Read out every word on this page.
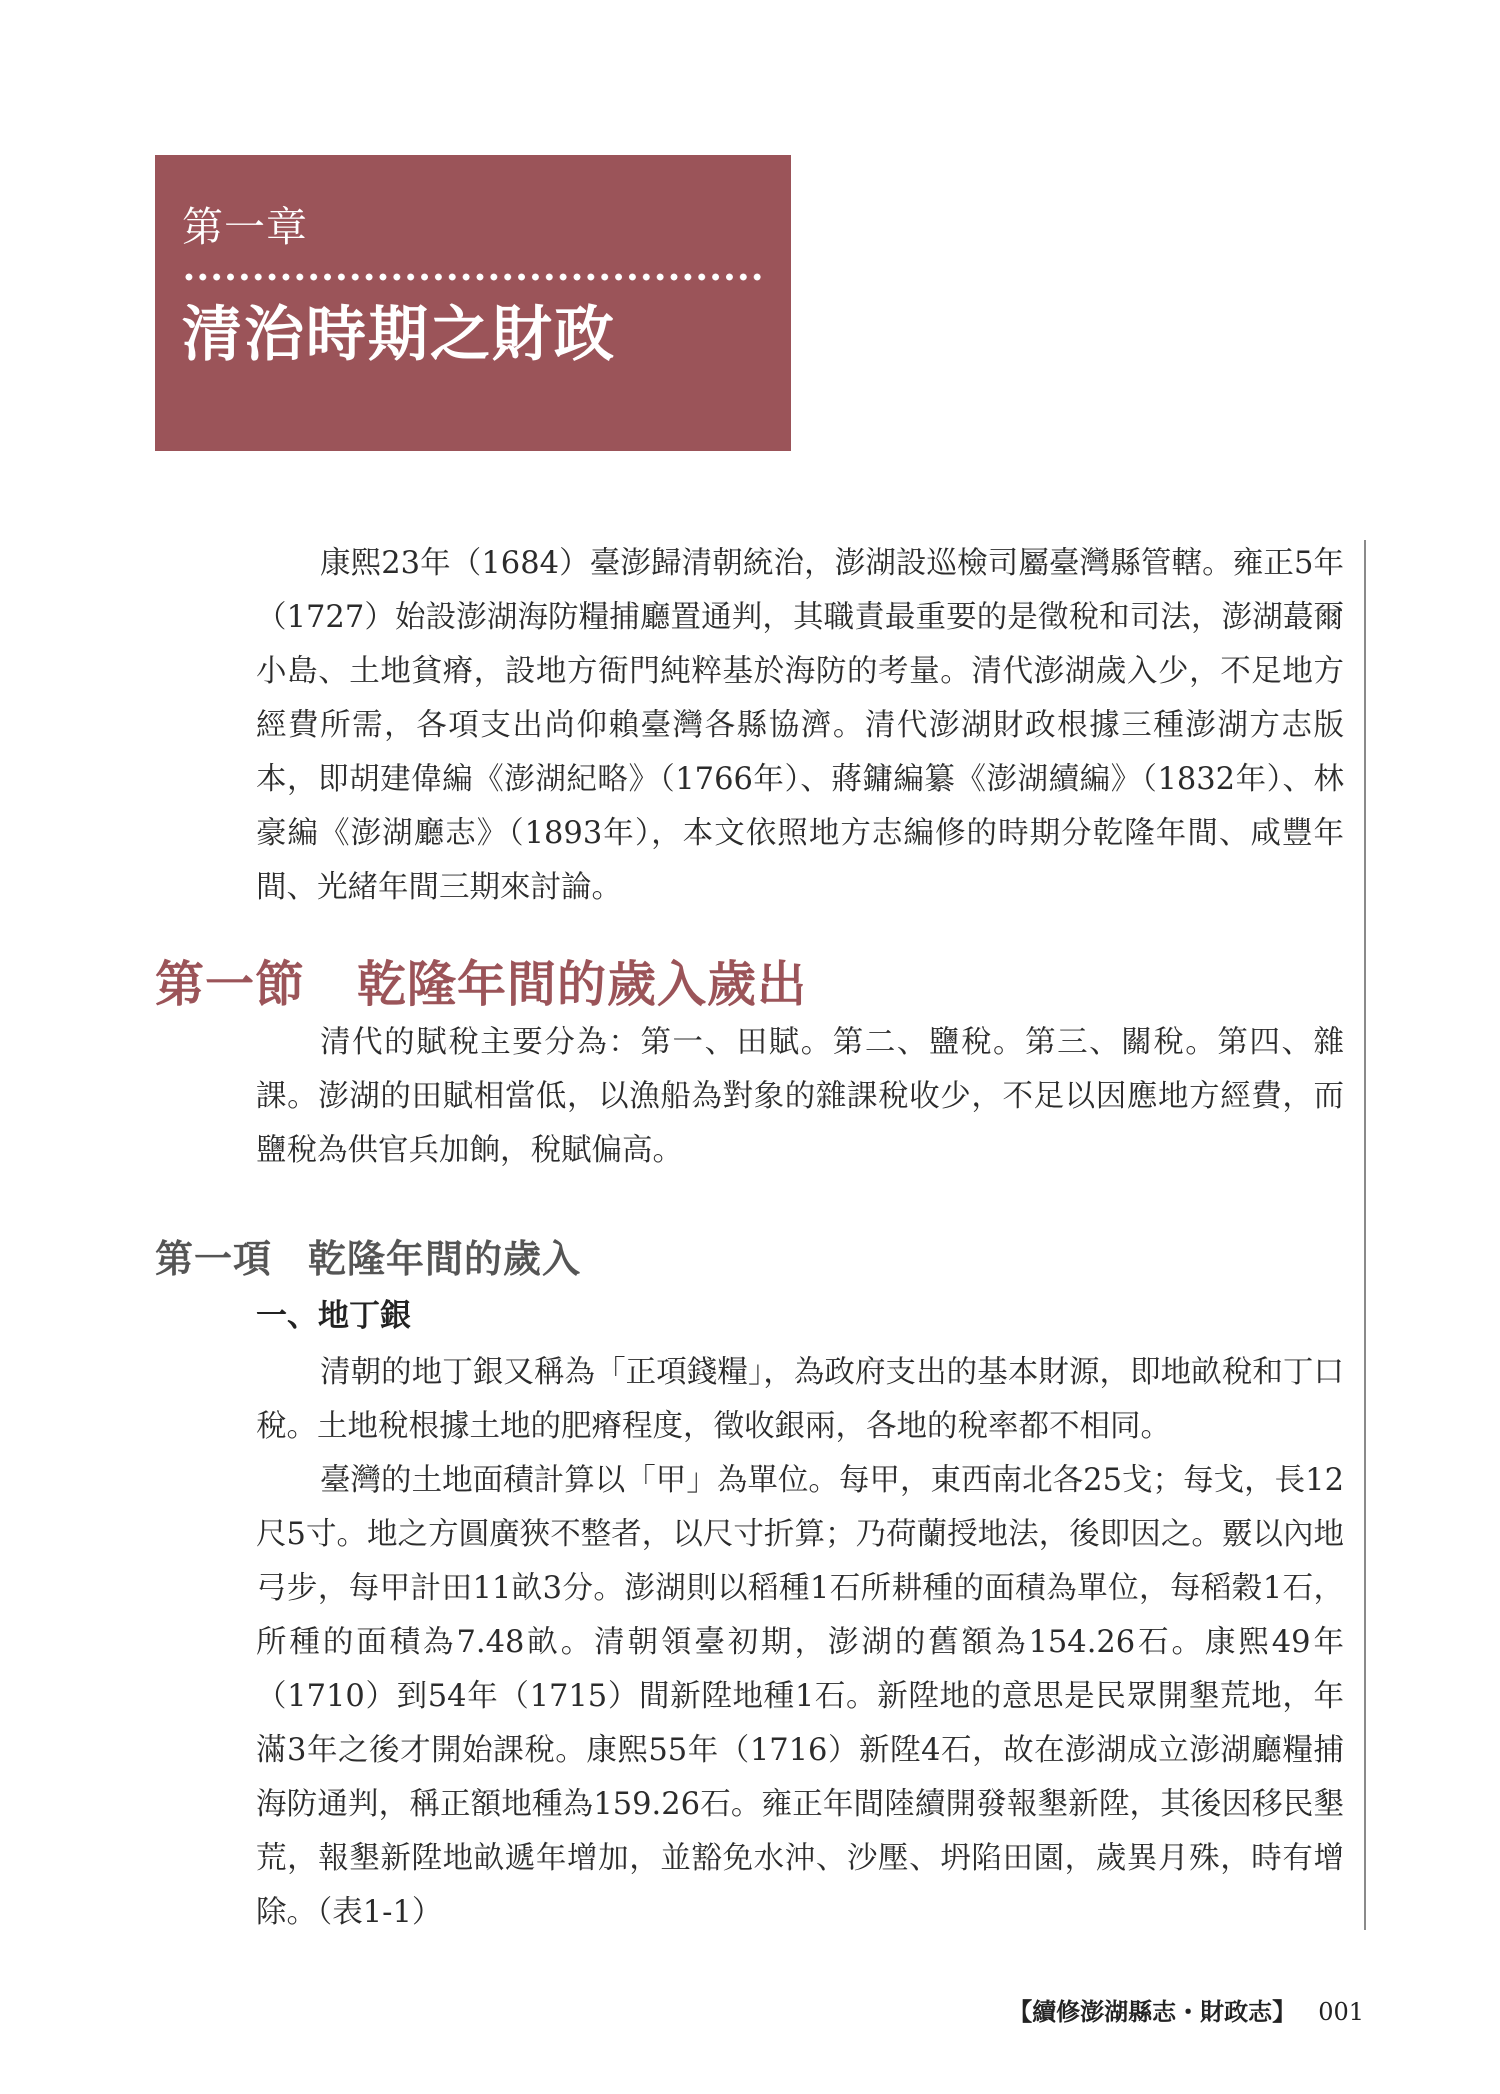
第一章
清治時期之財政

康熙23年（1684）臺澎歸清朝統治，澎湖設巡檢司屬臺灣縣管轄。雍正5年（1727）始設澎湖海防糧捕廳置通判，其職責最重要的是徵稅和司法，澎湖蕞爾小島、土地貧瘠，設地方衙門純粹基於海防的考量。清代澎湖歲入少，不足地方經費所需，各項支出尚仰賴臺灣各縣協濟。清代澎湖財政根據三種澎湖方志版本，即胡建偉編《澎湖紀略》（1766年）、蔣鏞編纂《澎湖續編》（1832年）、林豪編《澎湖廳志》（1893年），本文依照地方志編修的時期分乾隆年間、咸豐年間、光緒年間三期來討論。

第一節 乾隆年間的歲入歲出

清代的賦稅主要分為：第一、田賦。第二、鹽稅。第三、關稅。第四、雜課。澎湖的田賦相當低，以漁船為對象的雜課稅收少，不足以因應地方經費，而鹽稅為供官兵加餉，稅賦偏高。

第一項 乾隆年間的歲入
一、地丁銀

清朝的地丁銀又稱為「正項錢糧」，為政府支出的基本財源，即地畝稅和丁口稅。土地稅根據土地的肥瘠程度，徵收銀兩，各地的稅率都不相同。

臺灣的土地面積計算以「甲」為單位。每甲，東西南北各25戈；每戈，長12尺5寸。地之方圓廣狹不整者，以尺寸折算；乃荷蘭授地法，後即因之。覈以內地弓步，每甲計田11畝3分。澎湖則以稻種1石所耕種的面積為單位，每稻穀1石，所種的面積為7.48畝。清朝領臺初期，澎湖的舊額為154.26石。康熙49年（1710）到54年（1715）間新陞地種1石。新陞地的意思是民眾開墾荒地，年滿3年之後才開始課稅。康熙55年（1716）新陞4石，故在澎湖成立澎湖廳糧捕海防通判，稱正額地種為159.26石。雍正年間陸續開發報墾新陞，其後因移民墾荒，報墾新陞地畝遞年增加，並豁免水沖、沙壓、坍陷田園，歲異月殊，時有增除。（表1-1）

【續修澎湖縣志・財政志】 001
